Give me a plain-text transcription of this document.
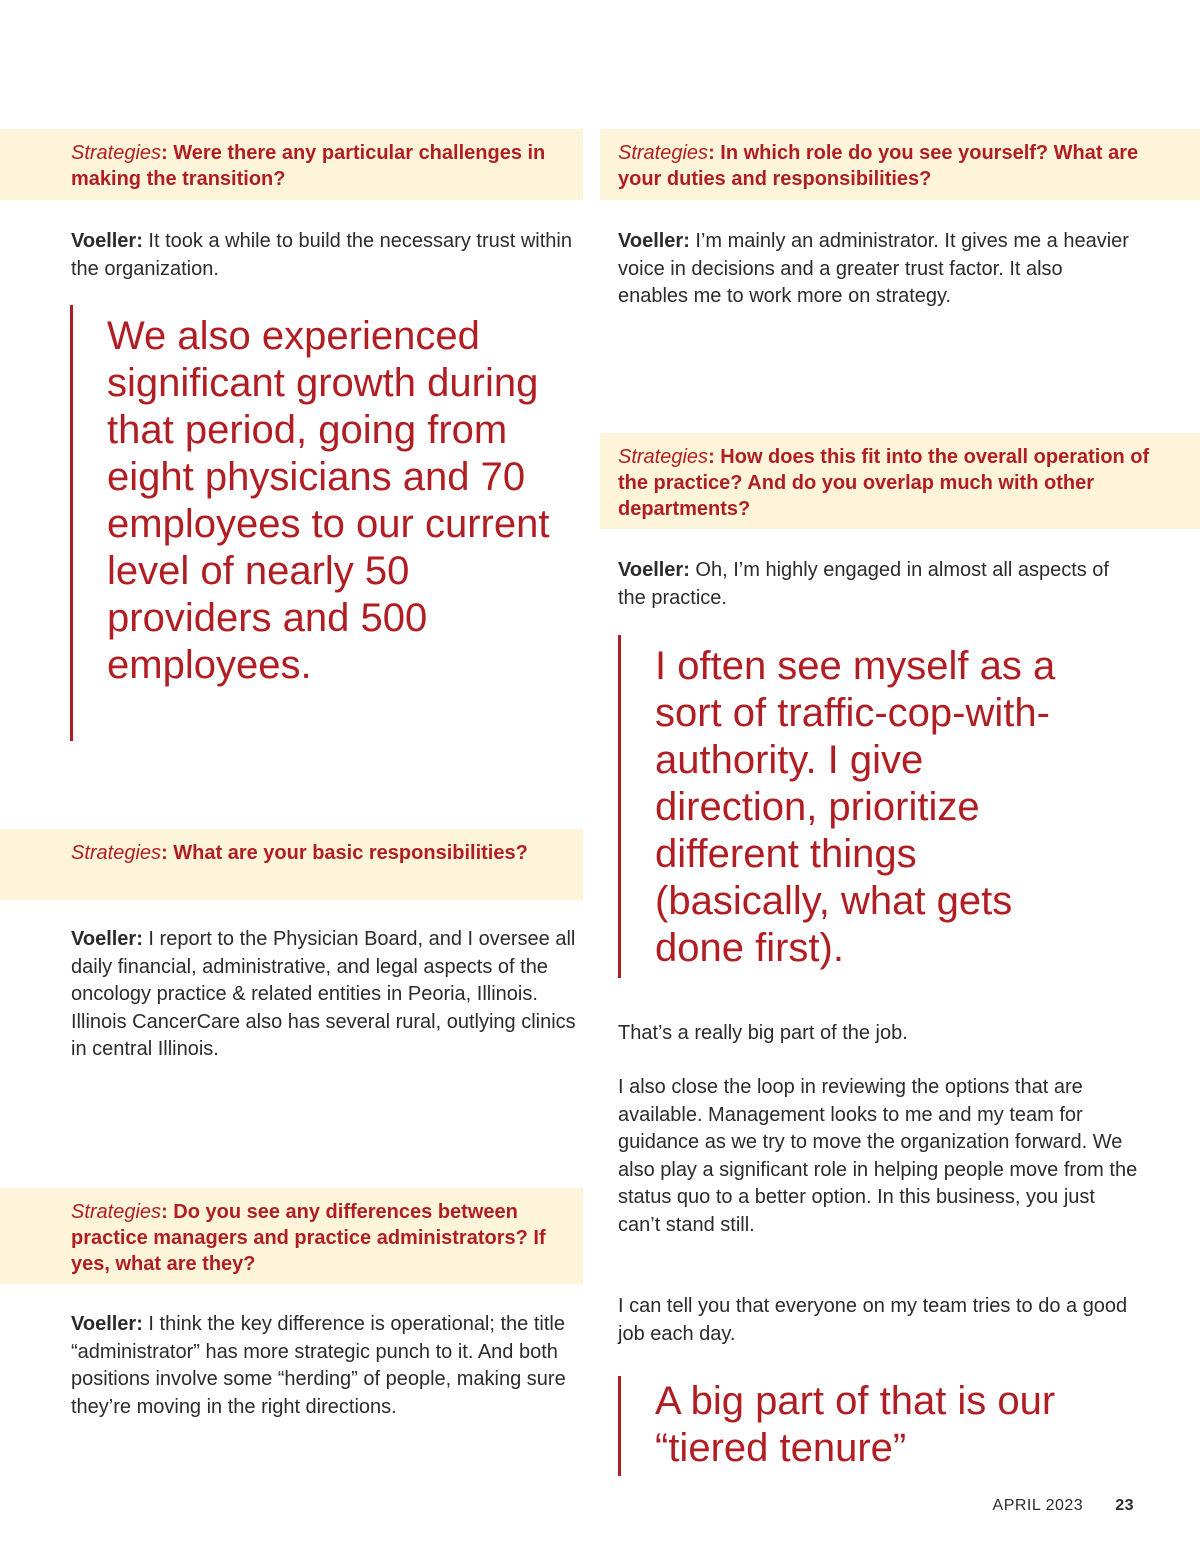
Strategies: Were there any particular challenges in making the transition?
Voeller: It took a while to build the necessary trust within the organization.
We also experienced significant growth during that period, going from eight physicians and 70 employees to our current level of nearly 50 providers and 500 employees.
Strategies: What are your basic responsibilities?
Voeller: I report to the Physician Board, and I oversee all daily financial, administrative, and legal aspects of the oncology practice & related entities in Peoria, Illinois. Illinois CancerCare also has several rural, outlying clinics in central Illinois.
Strategies: Do you see any differences between practice managers and practice administrators? If yes, what are they?
Voeller: I think the key difference is operational; the title “administrator” has more strategic punch to it. And both positions involve some “herding” of people, making sure they’re moving in the right directions.
Strategies: In which role do you see yourself? What are your duties and responsibilities?
Voeller: I’m mainly an administrator. It gives me a heavier voice in decisions and a greater trust factor. It also enables me to work more on strategy.
Strategies: How does this fit into the overall operation of the practice? And do you overlap much with other departments?
Voeller: Oh, I’m highly engaged in almost all aspects of the practice.
I often see myself as a sort of traffic-cop-with-authority. I give direction, prioritize different things (basically, what gets done first).
That’s a really big part of the job.
I also close the loop in reviewing the options that are available. Management looks to me and my team for guidance as we try to move the organization forward. We also play a significant role in helping people move from the status quo to a better option. In this business, you just can’t stand still.
I can tell you that everyone on my team tries to do a good job each day.
A big part of that is our “tiered tenure”
APRIL 2023 23
